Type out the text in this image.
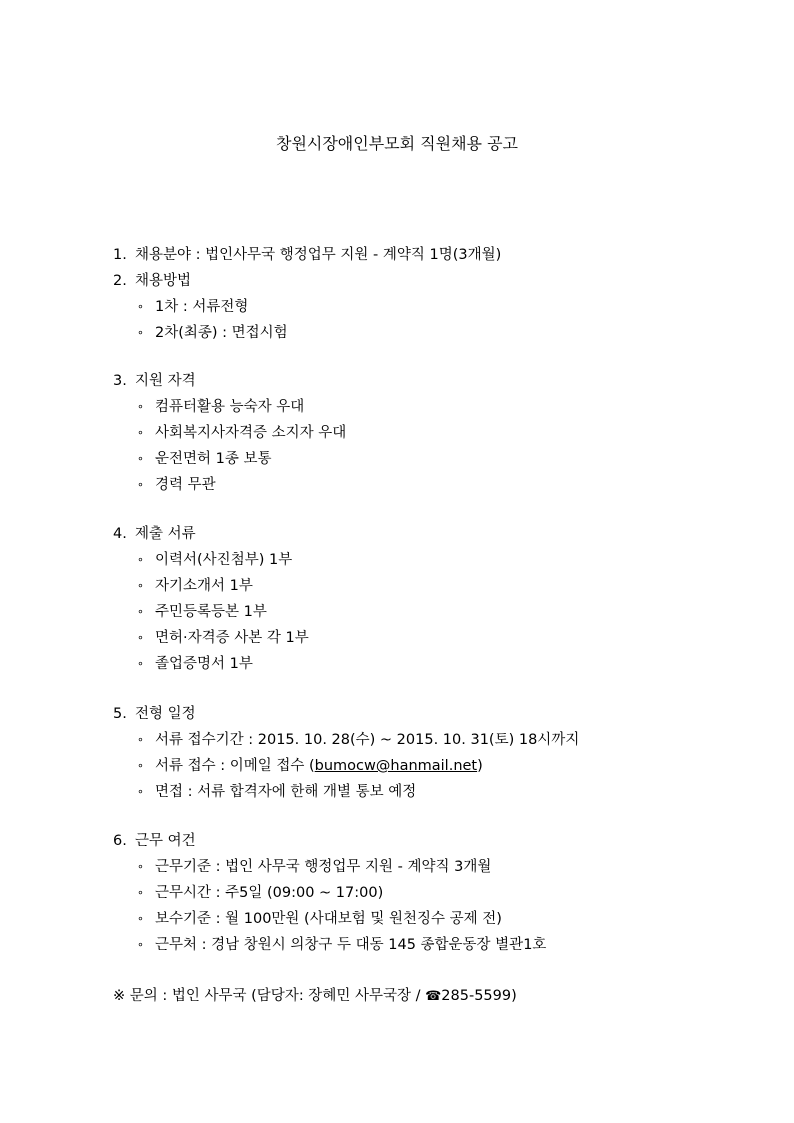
창원시장애인부모회 직원채용 공고
1. 채용분야 : 법인사무국 행정업무 지원 - 계약직 1명(3개월)
2. 채용방법
∘ 1차 : 서류전형
∘ 2차(최종) : 면접시험
3. 지원 자격
∘ 컴퓨터활용 능숙자 우대
∘ 사회복지사자격증 소지자 우대
∘ 운전면허 1종 보통
∘ 경력 무관
4. 제출 서류
∘ 이력서(사진첨부) 1부
∘ 자기소개서 1부
∘ 주민등록등본 1부
∘ 면허·자격증 사본 각 1부
∘ 졸업증명서 1부
5. 전형 일정
∘ 서류 접수기간 : 2015. 10. 28(수) ~ 2015. 10. 31(토) 18시까지
∘ 서류 접수 : 이메일 접수 (bumocw@hanmail.net)
∘ 면접 : 서류 합격자에 한해 개별 통보 예정
6. 근무 여건
∘ 근무기준 : 법인 사무국 행정업무 지원 - 계약직 3개월
∘ 근무시간 : 주5일 (09:00 ~ 17:00)
∘ 보수기준 : 월 100만원 (사대보험 및 원천징수 공제 전)
∘ 근무처 : 경남 창원시 의창구 두 대동 145 종합운동장 별관1호
※ 문의 : 법인 사무국 (담당자: 장혜민 사무국장 / ☎285-5599)
